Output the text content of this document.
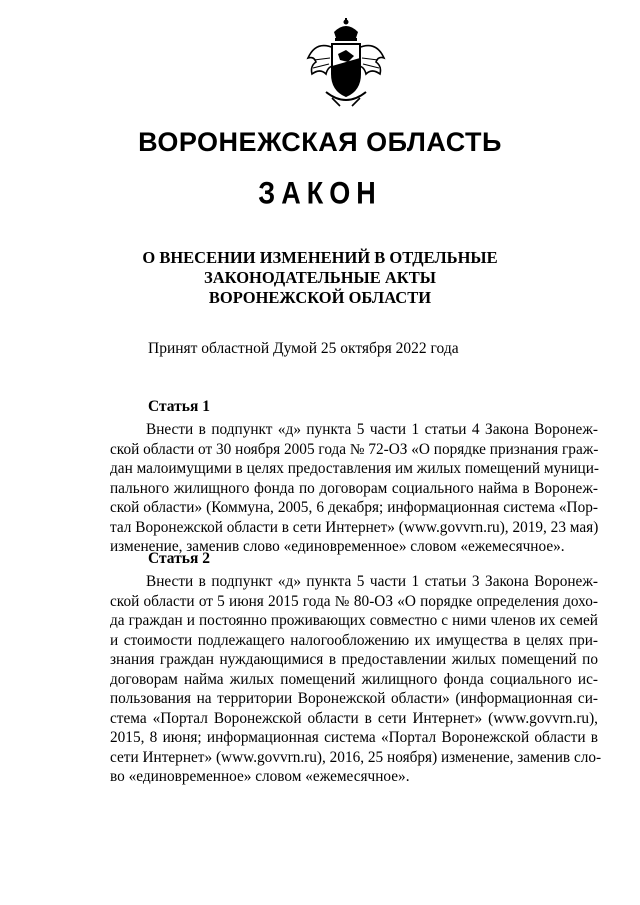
ВОРОНЕЖСКАЯ ОБЛАСТЬ
ЗАКОН
О ВНЕСЕНИИ ИЗМЕНЕНИЙ В ОТДЕЛЬНЫЕ
ЗАКОНОДАТЕЛЬНЫЕ АКТЫ
ВОРОНЕЖСКОЙ ОБЛАСТИ
Принят областной Думой 25 октября 2022 года
Статья 1
Внести в подпункт «д» пункта 5 части 1 статьи 4 Закона Воронеж-
ской области от 30 ноября 2005 года № 72-ОЗ «О порядке признания граж-
дан малоимущими в целях предоставления им жилых помещений муници-
пального жилищного фонда по договорам социального найма в Воронеж-
ской области» (Коммуна, 2005, 6 декабря; информационная система «Пор-
тал Воронежской области в сети Интернет» (www.govvrn.ru), 2019, 23 мая)
изменение, заменив слово «единовременное» словом «ежемесячное».
Статья 2
Внести в подпункт «д» пункта 5 части 1 статьи 3 Закона Воронеж-
ской области от 5 июня 2015 года № 80-ОЗ «О порядке определения дохо-
да граждан и постоянно проживающих совместно с ними членов их семей
и стоимости подлежащего налогообложению их имущества в целях при-
знания граждан нуждающимися в предоставлении жилых помещений по
договорам найма жилых помещений жилищного фонда социального ис-
пользования на территории Воронежской области» (информационная си-
стема «Портал Воронежской области в сети Интернет» (www.govvrn.ru),
2015, 8 июня; информационная система «Портал Воронежской области в
сети Интернет» (www.govvrn.ru), 2016, 25 ноября) изменение, заменив сло-
во «единовременное» словом «ежемесячное».
